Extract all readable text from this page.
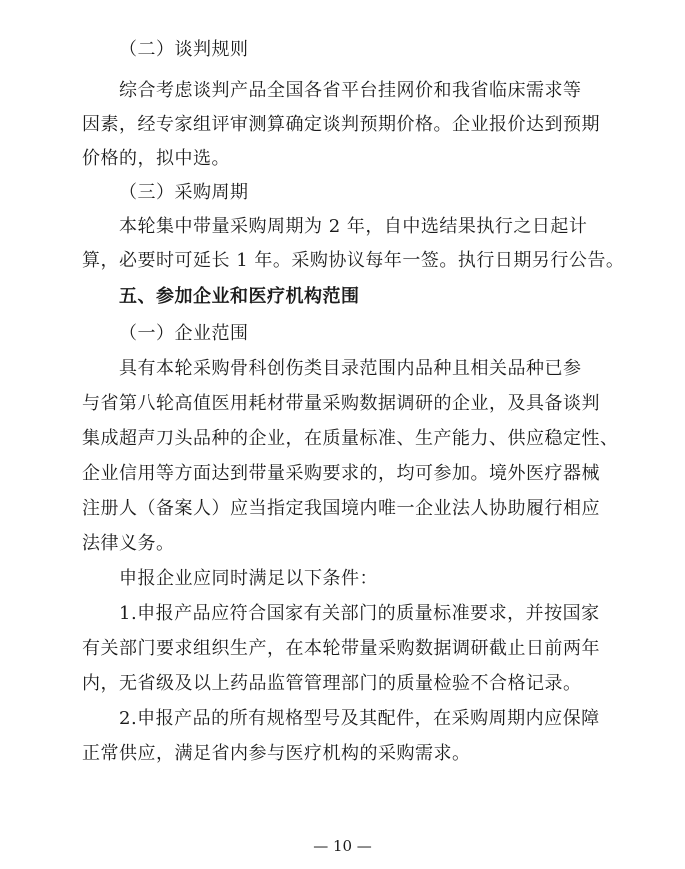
（二）谈判规则
综合考虑谈判产品全国各省平台挂网价和我省临床需求等
因素，经专家组评审测算确定谈判预期价格。企业报价达到预期
价格的，拟中选。
（三）采购周期
本轮集中带量采购周期为 2 年，自中选结果执行之日起计
算，必要时可延长 1 年。采购协议每年一签。执行日期另行公告。
五、参加企业和医疗机构范围
（一）企业范围
具有本轮采购骨科创伤类目录范围内品种且相关品种已参
与省第八轮高值医用耗材带量采购数据调研的企业，及具备谈判
集成超声刀头品种的企业，在质量标准、生产能力、供应稳定性、
企业信用等方面达到带量采购要求的，均可参加。境外医疗器械
注册人（备案人）应当指定我国境内唯一企业法人协助履行相应
法律义务。
申报企业应同时满足以下条件：
1.申报产品应符合国家有关部门的质量标准要求，并按国家
有关部门要求组织生产，在本轮带量采购数据调研截止日前两年
内，无省级及以上药品监管管理部门的质量检验不合格记录。
2.申报产品的所有规格型号及其配件，在采购周期内应保障
正常供应，满足省内参与医疗机构的采购需求。
— 10 —
